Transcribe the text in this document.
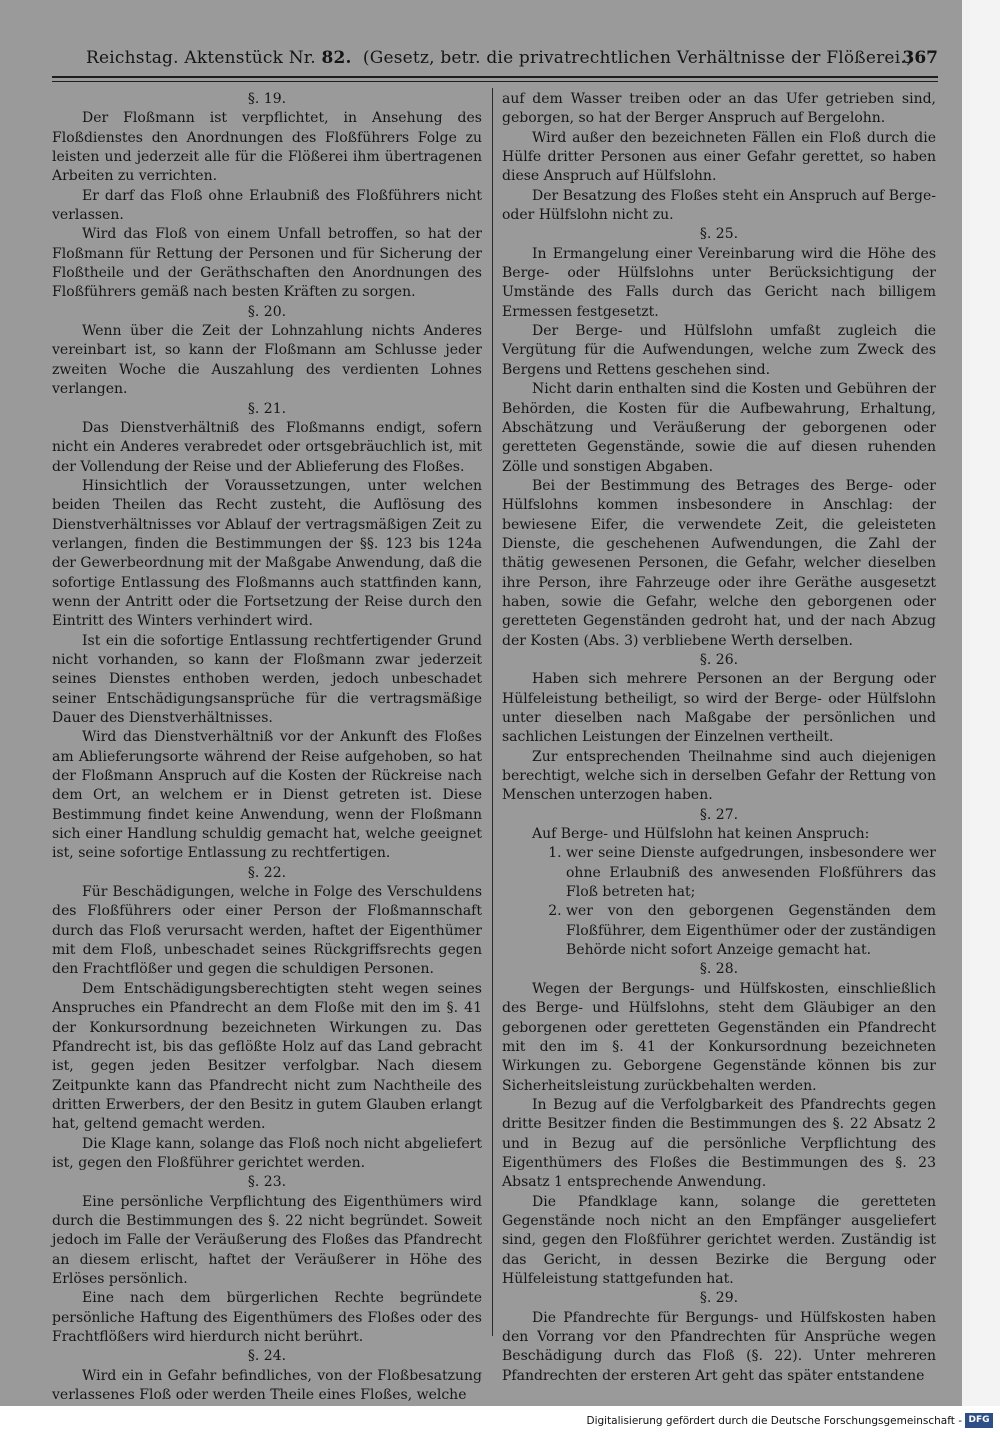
Reichstag. Aktenstück Nr. 82. (Gesetz, betr. die privatrechtlichen Verhältnisse der Flößerei.)
367

§. 19.

Der Floßmann ist verpflichtet, in Ansehung des Floßdienstes den Anordnungen des Floßführers Folge zu leisten und jederzeit alle für die Flößerei ihm übertragenen Arbeiten zu verrichten.

Er darf das Floß ohne Erlaubniß des Floßführers nicht verlassen.

Wird das Floß von einem Unfall betroffen, so hat der Floßmann für Rettung der Personen und für Sicherung der Floßtheile und der Geräthschaften den Anordnungen des Floßführers gemäß nach besten Kräften zu sorgen.

§. 20.

Wenn über die Zeit der Lohnzahlung nichts Anderes vereinbart ist, so kann der Floßmann am Schlusse jeder zweiten Woche die Auszahlung des verdienten Lohnes verlangen.

§. 21.

Das Dienstverhältniß des Floßmanns endigt, sofern nicht ein Anderes verabredet oder ortsgebräuchlich ist, mit der Vollendung der Reise und der Ablieferung des Floßes.

Hinsichtlich der Voraussetzungen, unter welchen beiden Theilen das Recht zusteht, die Auflösung des Dienstverhältnisses vor Ablauf der vertragsmäßigen Zeit zu verlangen, finden die Bestimmungen der §§. 123 bis 124a der Gewerbeordnung mit der Maßgabe Anwendung, daß die sofortige Entlassung des Floßmanns auch stattfinden kann, wenn der Antritt oder die Fortsetzung der Reise durch den Eintritt des Winters verhindert wird.

Ist ein die sofortige Entlassung rechtfertigender Grund nicht vorhanden, so kann der Floßmann zwar jederzeit seines Dienstes enthoben werden, jedoch unbeschadet seiner Entschädigungsansprüche für die vertragsmäßige Dauer des Dienstverhältnisses.

Wird das Dienstverhältniß vor der Ankunft des Floßes am Ablieferungsorte während der Reise aufgehoben, so hat der Floßmann Anspruch auf die Kosten der Rückreise nach dem Ort, an welchem er in Dienst getreten ist. Diese Bestimmung findet keine Anwendung, wenn der Floßmann sich einer Handlung schuldig gemacht hat, welche geeignet ist, seine sofortige Entlassung zu rechtfertigen.

§. 22.

Für Beschädigungen, welche in Folge des Verschuldens des Floßführers oder einer Person der Floßmannschaft durch das Floß verursacht werden, haftet der Eigenthümer mit dem Floß, unbeschadet seines Rückgriffsrechts gegen den Frachtflößer und gegen die schuldigen Personen.

Dem Entschädigungsberechtigten steht wegen seines Anspruches ein Pfandrecht an dem Floße mit den im §. 41 der Konkursordnung bezeichneten Wirkungen zu. Das Pfandrecht ist, bis das geflößte Holz auf das Land gebracht ist, gegen jeden Besitzer verfolgbar. Nach diesem Zeitpunkte kann das Pfandrecht nicht zum Nachtheile des dritten Erwerbers, der den Besitz in gutem Glauben erlangt hat, geltend gemacht werden.

Die Klage kann, solange das Floß noch nicht abgeliefert ist, gegen den Floßführer gerichtet werden.

§. 23.

Eine persönliche Verpflichtung des Eigenthümers wird durch die Bestimmungen des §. 22 nicht begründet. Soweit jedoch im Falle der Veräußerung des Floßes das Pfandrecht an diesem erlischt, haftet der Veräußerer in Höhe des Erlöses persönlich.

Eine nach dem bürgerlichen Rechte begründete persönliche Haftung des Eigenthümers des Floßes oder des Frachtflößers wird hierdurch nicht berührt.

§. 24.

Wird ein in Gefahr befindliches, von der Floßbesatzung verlassenes Floß oder werden Theile eines Floßes, welche

auf dem Wasser treiben oder an das Ufer getrieben sind, geborgen, so hat der Berger Anspruch auf Bergelohn.

Wird außer den bezeichneten Fällen ein Floß durch die Hülfe dritter Personen aus einer Gefahr gerettet, so haben diese Anspruch auf Hülfslohn.

Der Besatzung des Floßes steht ein Anspruch auf Berge- oder Hülfslohn nicht zu.

§. 25.

In Ermangelung einer Vereinbarung wird die Höhe des Berge- oder Hülfslohns unter Berücksichtigung der Umstände des Falls durch das Gericht nach billigem Ermessen festgesetzt.

Der Berge- und Hülfslohn umfaßt zugleich die Vergütung für die Aufwendungen, welche zum Zweck des Bergens und Rettens geschehen sind.

Nicht darin enthalten sind die Kosten und Gebühren der Behörden, die Kosten für die Aufbewahrung, Erhaltung, Abschätzung und Veräußerung der geborgenen oder geretteten Gegenstände, sowie die auf diesen ruhenden Zölle und sonstigen Abgaben.

Bei der Bestimmung des Betrages des Berge- oder Hülfslohns kommen insbesondere in Anschlag: der bewiesene Eifer, die verwendete Zeit, die geleisteten Dienste, die geschehenen Aufwendungen, die Zahl der thätig gewesenen Personen, die Gefahr, welcher dieselben ihre Person, ihre Fahrzeuge oder ihre Geräthe ausgesetzt haben, sowie die Gefahr, welche den geborgenen oder geretteten Gegenständen gedroht hat, und der nach Abzug der Kosten (Abs. 3) verbliebene Werth derselben.

§. 26.

Haben sich mehrere Personen an der Bergung oder Hülfeleistung betheiligt, so wird der Berge- oder Hülfslohn unter dieselben nach Maßgabe der persönlichen und sachlichen Leistungen der Einzelnen vertheilt.

Zur entsprechenden Theilnahme sind auch diejenigen berechtigt, welche sich in derselben Gefahr der Rettung von Menschen unterzogen haben.

§. 27.

Auf Berge- und Hülfslohn hat keinen Anspruch:

1. wer seine Dienste aufgedrungen, insbesondere wer ohne Erlaubniß des anwesenden Floßführers das Floß betreten hat;
2. wer von den geborgenen Gegenständen dem Floßführer, dem Eigenthümer oder der zuständigen Behörde nicht sofort Anzeige gemacht hat.

§. 28.

Wegen der Bergungs- und Hülfskosten, einschließlich des Berge- und Hülfslohns, steht dem Gläubiger an den geborgenen oder geretteten Gegenständen ein Pfandrecht mit den im §. 41 der Konkursordnung bezeichneten Wirkungen zu. Geborgene Gegenstände können bis zur Sicherheitsleistung zurückbehalten werden.

In Bezug auf die Verfolgbarkeit des Pfandrechts gegen dritte Besitzer finden die Bestimmungen des §. 22 Absatz 2 und in Bezug auf die persönliche Verpflichtung des Eigenthümers des Floßes die Bestimmungen des §. 23 Absatz 1 entsprechende Anwendung.

Die Pfandklage kann, solange die geretteten Gegenstände noch nicht an den Empfänger ausgeliefert sind, gegen den Floßführer gerichtet werden. Zuständig ist das Gericht, in dessen Bezirke die Bergung oder Hülfeleistung stattgefunden hat.

§. 29.

Die Pfandrechte für Bergungs- und Hülfskosten haben den Vorrang vor den Pfandrechten für Ansprüche wegen Beschädigung durch das Floß (§. 22). Unter mehreren Pfandrechten der ersteren Art geht das später entstandene

Digitalisierung gefördert durch die Deutsche Forschungsgemeinschaft - DFG
